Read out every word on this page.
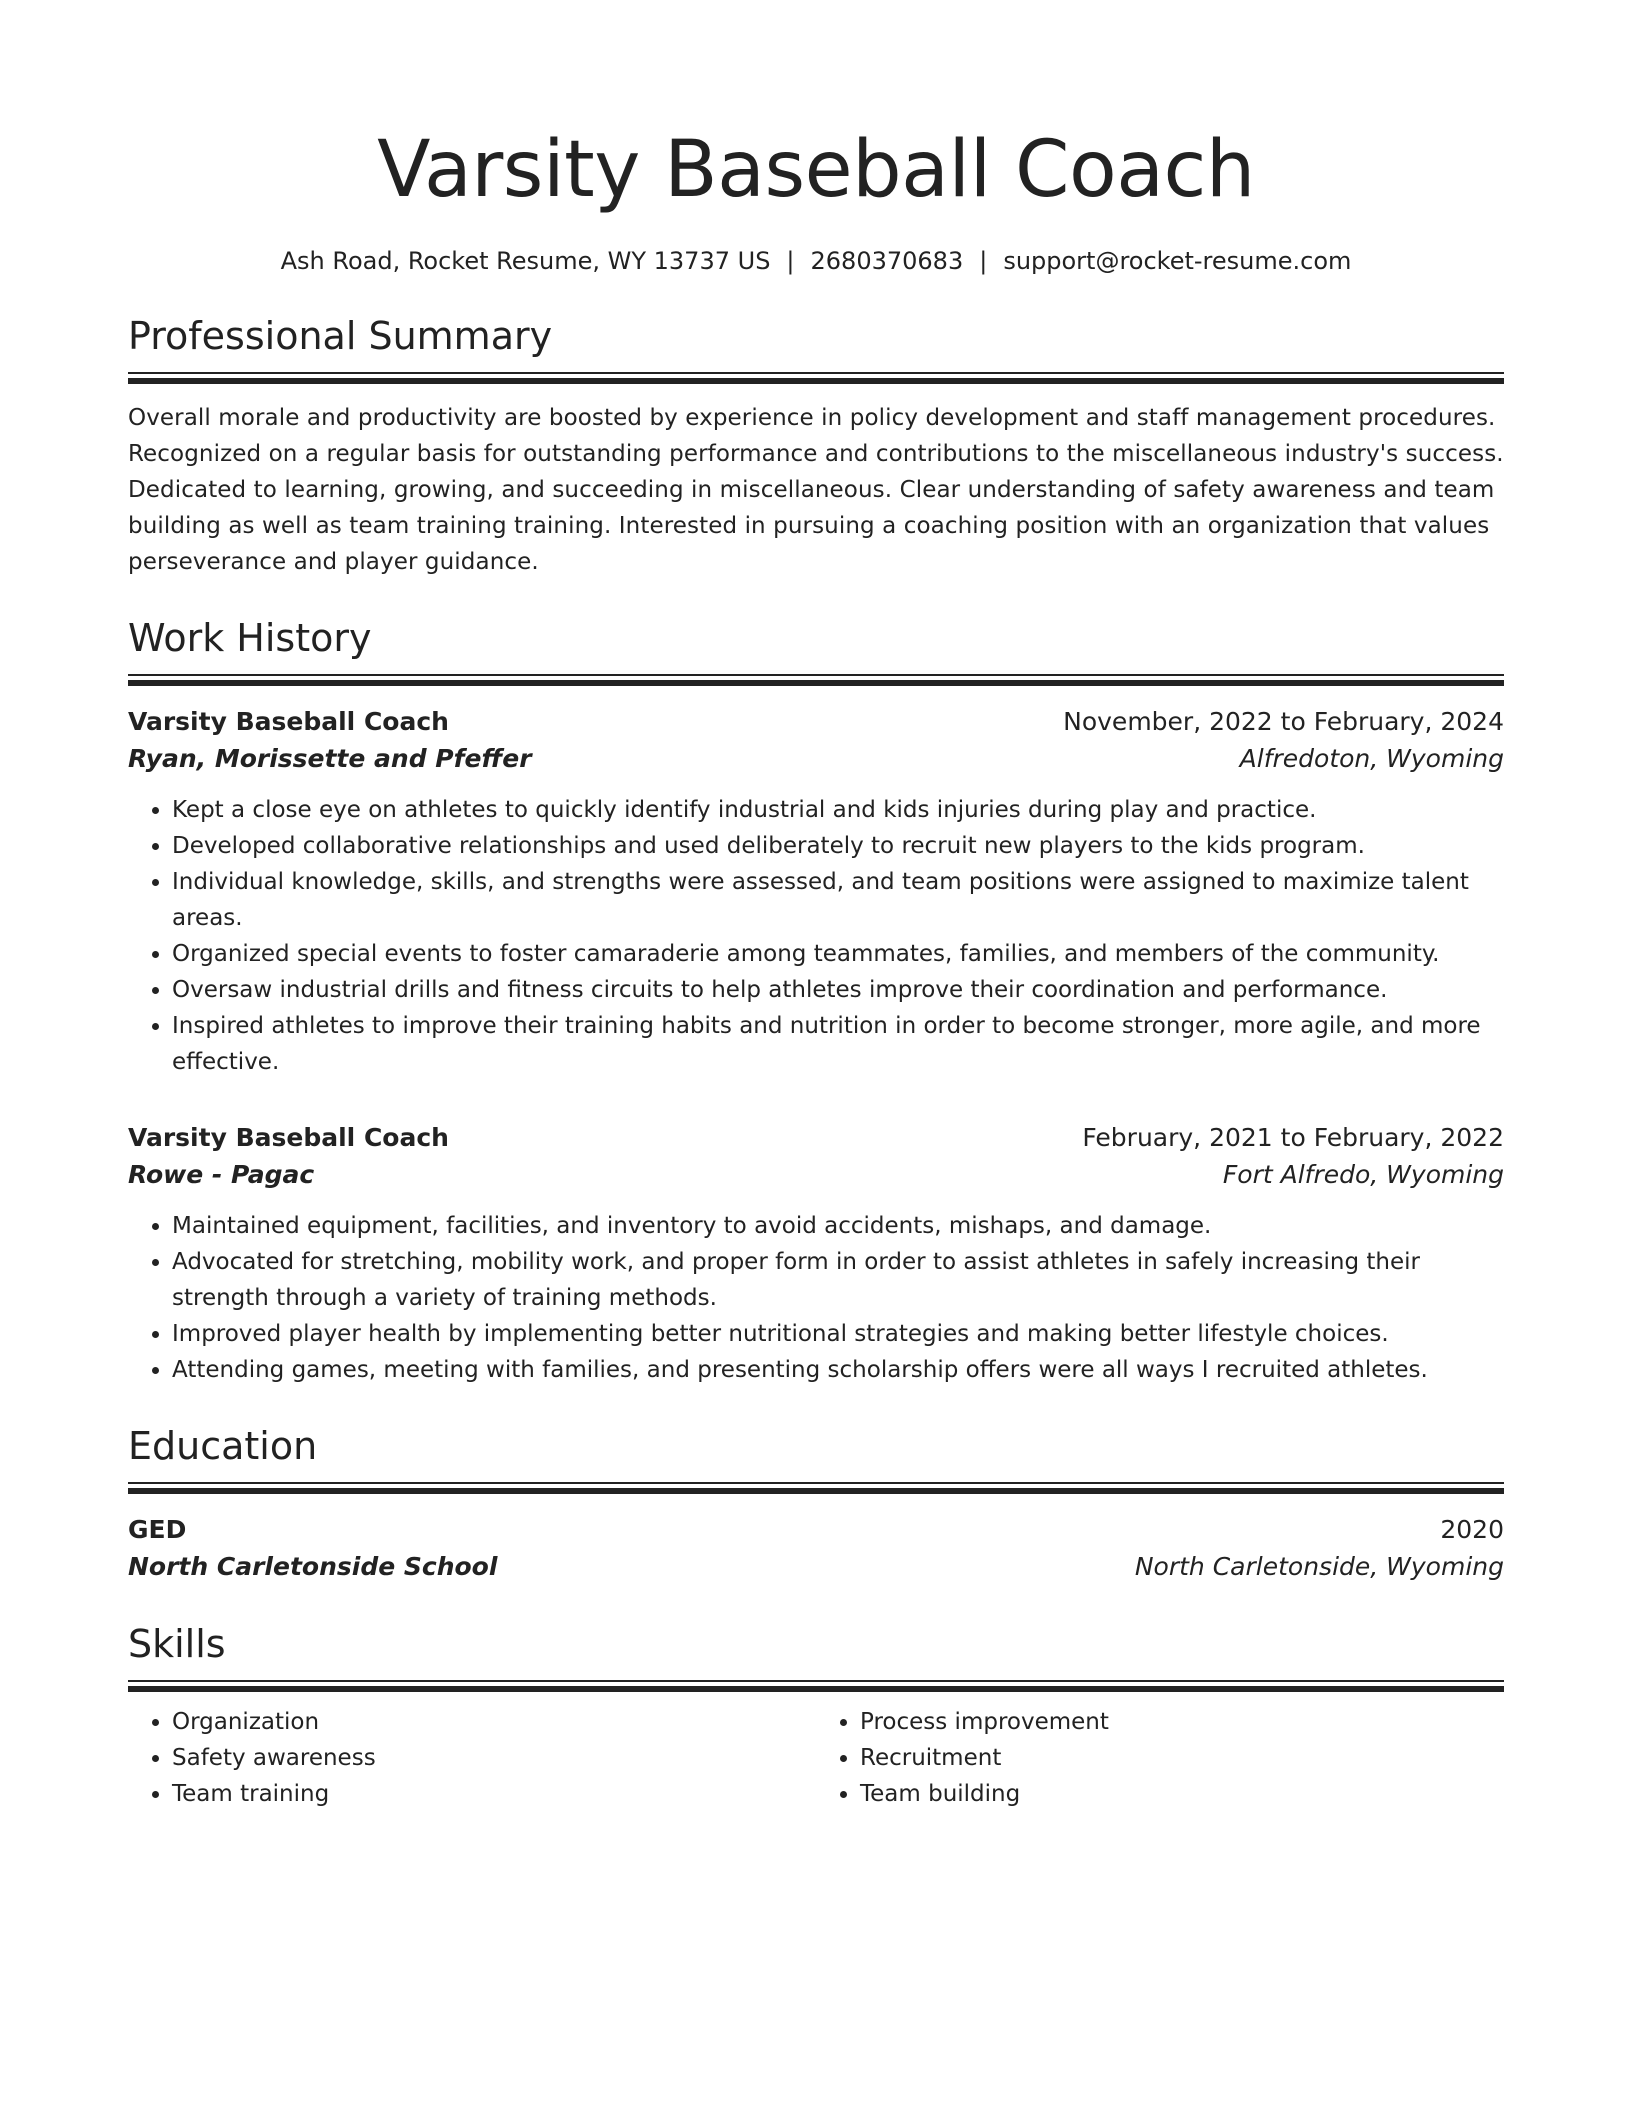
Varsity Baseball Coach
Ash Road, Rocket Resume, WY 13737 US | 2680370683 | support@rocket-resume.com
Professional Summary
Overall morale and productivity are boosted by experience in policy development and staff management procedures. Recognized on a regular basis for outstanding performance and contributions to the miscellaneous industry's success. Dedicated to learning, growing, and succeeding in miscellaneous. Clear understanding of safety awareness and team building as well as team training training. Interested in pursuing a coaching position with an organization that values perseverance and player guidance.
Work History
Varsity Baseball Coach	November, 2022 to February, 2024
Ryan, Morissette and Pfeffer	Alfredoton, Wyoming
• Kept a close eye on athletes to quickly identify industrial and kids injuries during play and practice.
• Developed collaborative relationships and used deliberately to recruit new players to the kids program.
• Individual knowledge, skills, and strengths were assessed, and team positions were assigned to maximize talent areas.
• Organized special events to foster camaraderie among teammates, families, and members of the community.
• Oversaw industrial drills and fitness circuits to help athletes improve their coordination and performance.
• Inspired athletes to improve their training habits and nutrition in order to become stronger, more agile, and more effective.
Varsity Baseball Coach	February, 2021 to February, 2022
Rowe - Pagac	Fort Alfredo, Wyoming
• Maintained equipment, facilities, and inventory to avoid accidents, mishaps, and damage.
• Advocated for stretching, mobility work, and proper form in order to assist athletes in safely increasing their strength through a variety of training methods.
• Improved player health by implementing better nutritional strategies and making better lifestyle choices.
• Attending games, meeting with families, and presenting scholarship offers were all ways I recruited athletes.
Education
GED	2020
North Carletonside School	North Carletonside, Wyoming
Skills
• Organization
• Safety awareness
• Team training
• Process improvement
• Recruitment
• Team building
